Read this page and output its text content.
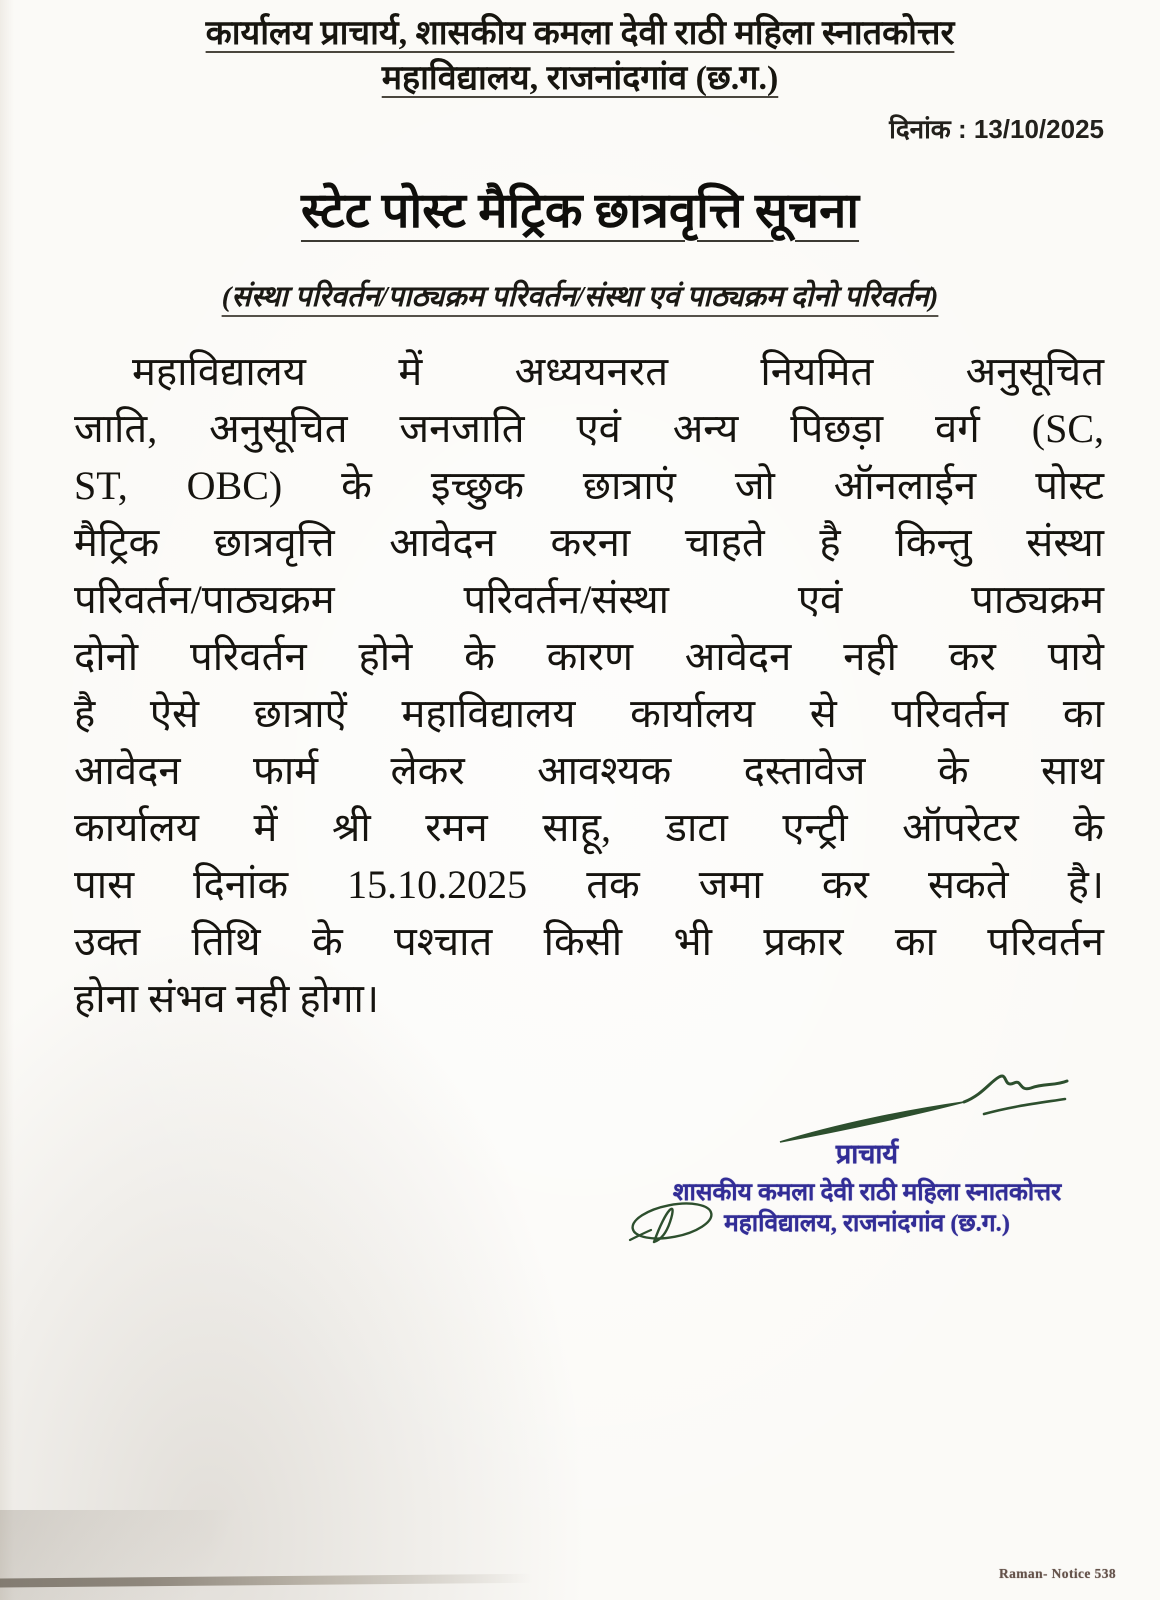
कार्यालय प्राचार्य, शासकीय कमला देवी राठी महिला स्नातकोत्तर
महाविद्यालय, राजनांदगांव (छ.ग.)
दिनांक : 13/10/2025
स्टेट पोस्ट मैट्रिक छात्रवृत्ति सूचना
(संस्था परिवर्तन/पाठ्यक्रम परिवर्तन/संस्था एवं पाठ्यक्रम दोनो परिवर्तन)
महाविद्यालय में अध्ययनरत नियमित अनुसूचित
जाति, अनुसूचित जनजाति एवं अन्य पिछड़ा वर्ग (SC,
ST, OBC) के इच्छुक छात्राएं जो ऑनलाईन पोस्ट
मैट्रिक छात्रवृत्ति आवेदन करना चाहते है किन्तु संस्था
परिवर्तन/पाठ्यक्रम परिवर्तन/संस्था एवं पाठ्यक्रम
दोनो परिवर्तन होने के कारण आवेदन नही कर पाये
है ऐसे छात्राऐं महाविद्यालय कार्यालय से परिवर्तन का
आवेदन फार्म लेकर आवश्यक दस्तावेज के साथ
कार्यालय में श्री रमन साहू, डाटा एन्ट्री ऑपरेटर के
पास दिनांक 15.10.2025 तक जमा कर सकते है।
उक्त तिथि के पश्चात किसी भी प्रकार का परिवर्तन
होना संभव नही होगा।
प्राचार्य
शासकीय कमला देवी राठी महिला स्नातकोत्तर
महाविद्यालय, राजनांदगांव (छ.ग.)
Raman- Notice 538
